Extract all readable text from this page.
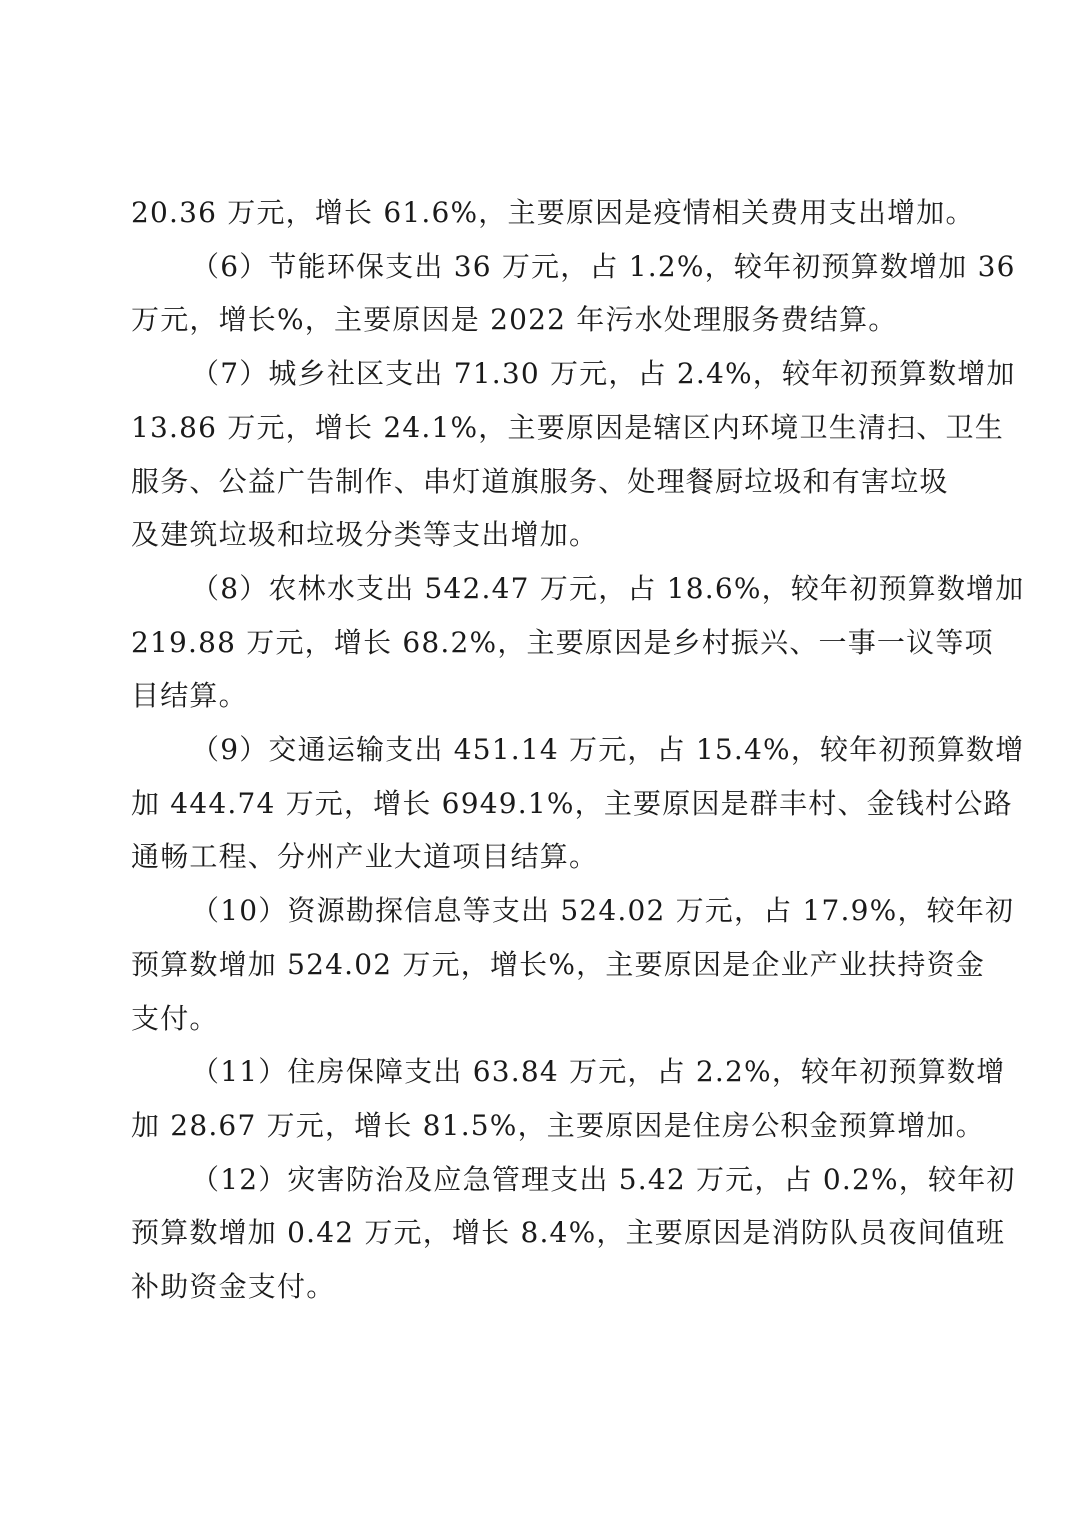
20.36 万元，增长 61.6%，主要原因是疫情相关费用支出增加。

（6）节能环保支出 36 万元，占 1.2%，较年初预算数增加 36
万元，增长%，主要原因是 2022 年污水处理服务费结算。

（7）城乡社区支出 71.30 万元，占 2.4%，较年初预算数增加
13.86 万元，增长 24.1%，主要原因是辖区内环境卫生清扫、卫生
服务、公益广告制作、串灯道旗服务、处理餐厨垃圾和有害垃圾
及建筑垃圾和垃圾分类等支出增加。

（8）农林水支出 542.47 万元，占 18.6%，较年初预算数增加
219.88 万元，增长 68.2%，主要原因是乡村振兴、一事一议等项
目结算。

（9）交通运输支出 451.14 万元，占 15.4%，较年初预算数增
加 444.74 万元，增长 6949.1%，主要原因是群丰村、金钱村公路
通畅工程、分州产业大道项目结算。

（10）资源勘探信息等支出 524.02 万元，占 17.9%，较年初
预算数增加 524.02 万元，增长%，主要原因是企业产业扶持资金
支付。

（11）住房保障支出 63.84 万元，占 2.2%，较年初预算数增
加 28.67 万元，增长 81.5%，主要原因是住房公积金预算增加。

（12）灾害防治及应急管理支出 5.42 万元，占 0.2%，较年初
预算数增加 0.42 万元，增长 8.4%，主要原因是消防队员夜间值班
补助资金支付。
